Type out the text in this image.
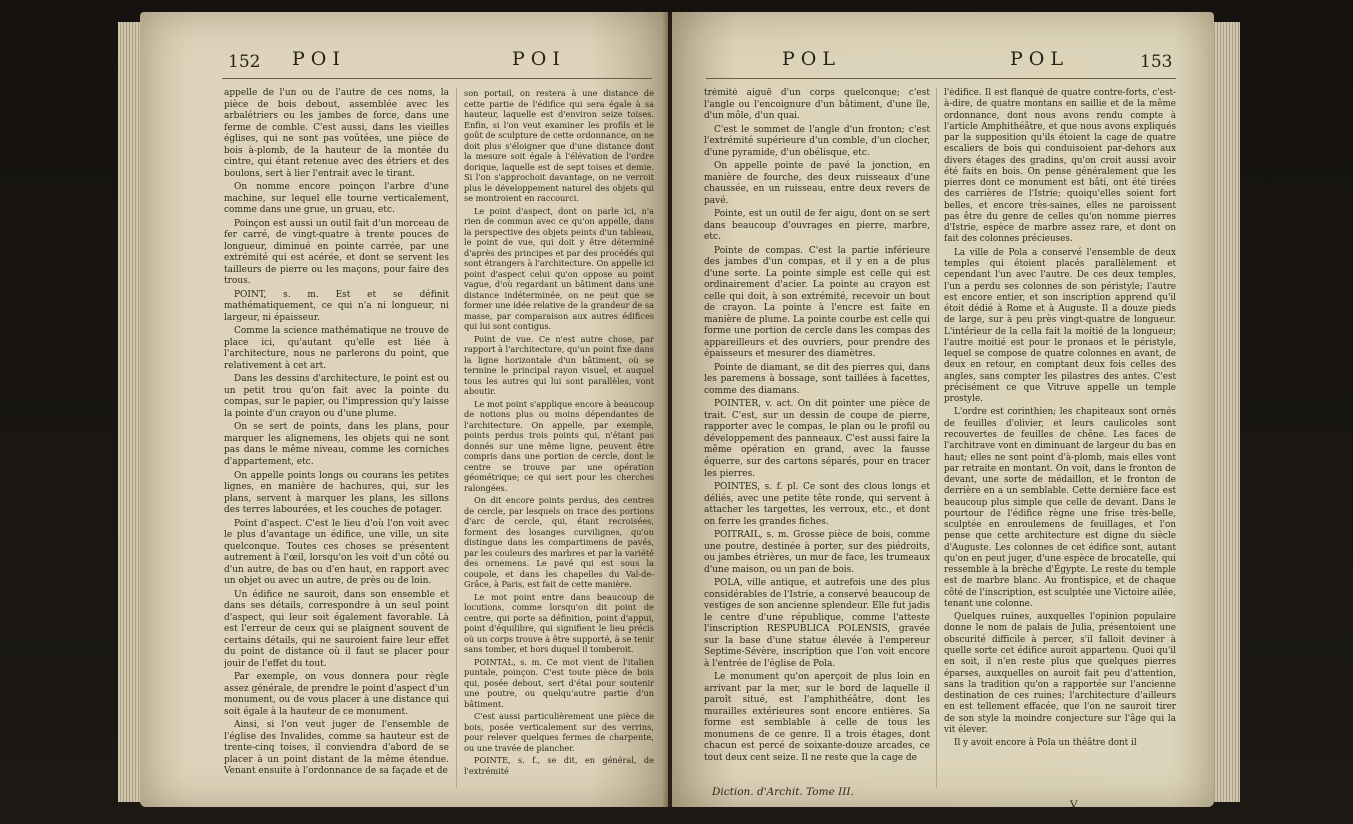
152 POI	POI

appelle de l'un ou de l'autre de ces noms, la pièce de bois debout, assemblée avec les arbalétriers ou les jambes de force, dans une ferme de comble. C'est aussi, dans les vieilles églises, qui ne sont pas voûtées, une pièce de bois à-plomb, de la hauteur de la montée du cintre, qui étant retenue avec des étriers et des boulons, sert à lier l'entrait avec le tirant.

On nomme encore poinçon l'arbre d'une machine, sur lequel elle tourne verticalement, comme dans une grue, un gruau, etc.

Poinçon est aussi un outil fait d'un morceau de fer carré, de vingt-quatre à trente pouces de longueur, diminué en pointe carrée, par une extrémité qui est acérée, et dont se servent les tailleurs de pierre ou les maçons, pour faire des trous.

POINT, s. m. Est et se définit mathématiquement, ce qui n'a ni longueur, ni largeur, ni épaisseur.

Comme la science mathématique ne trouve de place ici, qu'autant qu'elle est liée à l'architecture, nous ne parlerons du point, que relativement à cet art.

Dans les dessins d'architecture, le point est ou un petit trou qu'on fait avec la pointe du compas, sur le papier, ou l'impression qu'y laisse la pointe d'un crayon ou d'une plume.

On se sert de points, dans les plans, pour marquer les alignemens, les objets qui ne sont pas dans le même niveau, comme les corniches d'appartement, etc.

On appelle points longs ou courans les petites lignes, en manière de hachures, qui, sur les plans, servent à marquer les plans, les sillons des terres labourées, et les couches de potager.

Point d'aspect. C'est le lieu d'où l'on voit avec le plus d'avantage un édifice, une ville, un site quelconque. Toutes ces choses se présentent autrement à l'œil, lorsqu'on les voit d'un côté ou d'un autre, de bas ou d'en haut, en rapport avec un objet ou avec un autre, de près ou de loin.

Un édifice ne sauroit, dans son ensemble et dans ses détails, correspondre à un seul point d'aspect, qui leur soit également favorable. Là est l'erreur de ceux qui se plaignent souvent de certains détails, qui ne sauroient faire leur effet du point de distance où il faut se placer pour jouir de l'effet du tout.

Par exemple, on vous donnera pour règle assez générale, de prendre le point d'aspect d'un monument, ou de vous placer à une distance qui soit égale à la hauteur de ce monument.

Ainsi, si l'on veut juger de l'ensemble de l'église des Invalides, comme sa hauteur est de trente-cinq toises, il conviendra d'abord de se placer à un point distant de la même étendue. Venant ensuite à l'ordonnance de sa façade et de

son portail, on restera à une distance de cette partie de l'édifice qui sera égale à sa hauteur, laquelle est d'environ seize toises. Enfin, si l'on veut examiner les profils et le goût de sculpture de cette ordonnance, on ne doit plus s'éloigner que d'une distance dont la mesure soit égale à l'élévation de l'ordre dorique, laquelle est de sept toises et demie. Si l'on s'approchoit davantage, on ne verroit plus le développement naturel des objets qui se montroient en raccourci.

Le point d'aspect, dont on parle ici, n'a rien de commun avec ce qu'on appelle, dans la perspective des objets peints d'un tableau, le point de vue, qui doit y être déterminé d'après des principes et par des procédés qui sont étrangers à l'architecture. On appelle ici point d'aspect celui qu'on oppose au point vague, d'où regardant un bâtiment dans une distance indéterminée, on ne peut que se former une idée relative de la grandeur de sa masse, par comparaison aux autres édifices qui lui sont contigus.

Point de vue. Ce n'est autre chose, par rapport à l'architecture, qu'un point fixe dans la ligne horizontale d'un bâtiment, où se termine le principal rayon visuel, et auquel tous les autres qui lui sont parallèles, vont aboutir.

Le mot point s'applique encore à beaucoup de notions plus ou moins dépendantes de l'architecture. On appelle, par exemple, points perdus trois points qui, n'étant pas donnés sur une même ligne, peuvent être compris dans une portion de cercle, dont le centre se trouve par une opération géométrique; ce qui sert pour les cherches ralongées.

On dit encore points perdus, des centres de cercle, par lesquels on trace des portions d'arc de cercle, qui, étant recroisées, forment des losanges curvilignes, qu'on distingue dans les compartimens de pavés, par les couleurs des marbres et par la variété des ornemens. Le pavé qui est sous la coupole, et dans les chapelles du Val-de-Grâce, à Paris, est fait de cette manière.

Le mot point entre dans beaucoup de locutions, comme lorsqu'on dit point de centre, qui porte sa définition, point d'appui, point d'équilibre, qui signifient le lieu précis où un corps trouve à être supporté, à se tenir sans tomber, et hors duquel il tomberoit.

POINTAL, s. m. Ce mot vient de l'italien puntale, poinçon. C'est toute pièce de bois qui, posée debout, sert d'étai pour soutenir une poutre, ou quelqu'autre partie d'un bâtiment.

C'est aussi particulièrement une pièce de bois, posée verticalement sur des verrins, pour relever quelques fermes de charpente, ou une travée de plancher.

POINTE, s. f., se dit, en général, de l'extrémité

POL	POL	153

trémité aiguë d'un corps quelconque; c'est l'angle ou l'encoignure d'un bâtiment, d'une île, d'un môle, d'un quai.

C'est le sommet de l'angle d'un fronton; c'est l'extrémité supérieure d'un comble, d'un clocher, d'une pyramide, d'un obélisque, etc.

On appelle pointe de pavé la jonction, en manière de fourche, des deux ruisseaux d'une chaussée, en un ruisseau, entre deux revers de pavé.

Pointe, est un outil de fer aigu, dont on se sert dans beaucoup d'ouvrages en pierre, marbre, etc.

Pointe de compas. C'est la partie inférieure des jambes d'un compas, et il y en a de plus d'une sorte. La pointe simple est celle qui est ordinairement d'acier. La pointe au crayon est celle qui doit, à son extrémité, recevoir un bout de crayon. La pointe à l'encre est faite en manière de plume. La pointe courbe est celle qui forme une portion de cercle dans les compas des appareilleurs et des ouvriers, pour prendre des épaisseurs et mesurer des diamètres.

Pointe de diamant, se dit des pierres qui, dans les paremens à bossage, sont taillées à facettes, comme des diamans.

POINTER, v. act. On dit pointer une pièce de trait. C'est, sur un dessin de coupe de pierre, rapporter avec le compas, le plan ou le profil ou développement des panneaux. C'est aussi faire la même opération en grand, avec la fausse équerre, sur des cartons séparés, pour en tracer les pierres.

POINTES, s. f. pl. Ce sont des clous longs et déliés, avec une petite tête ronde, qui servent à attacher les targettes, les verroux, etc., et dont on ferre les grandes fiches.

POITRAIL, s. m. Grosse pièce de bois, comme une poutre, destinée à porter, sur des piédroits, ou jambes étrières, un mur de face, les trumeaux d'une maison, ou un pan de bois.

POLA, ville antique, et autrefois une des plus considérables de l'Istrie, a conservé beaucoup de vestiges de son ancienne splendeur. Elle fut jadis le centre d'une république, comme l'atteste l'inscription RESPUBLICA POLENSIS, gravée sur la base d'une statue élevée à l'empereur Septime-Sévère, inscription que l'on voit encore à l'entrée de l'église de Pola.

Le monument qu'on aperçoit de plus loin en arrivant par la mer, sur le bord de laquelle il paroît situé, est l'amphithéâtre, dont les murailles extérieures sont encore entières. Sa forme est semblable à celle de tous les monumens de ce genre. Il a trois étages, dont chacun est percé de soixante-douze arcades, ce tout deux cent seize. Il ne reste que la cage de

l'édifice. Il est flanqué de quatre contre-forts, c'est-à-dire, de quatre montans en saillie et de la même ordonnance, dont nous avons rendu compte à l'article Amphithéâtre, et que nous avons expliqués par la supposition qu'ils étoient la cage de quatre escaliers de bois qui conduisoient par-dehors aux divers étages des gradins, qu'on croit aussi avoir été faits en bois. On pense généralement que les pierres dont ce monument est bâti, ont été tirées des carrières de l'Istrie; quoiqu'elles soient fort belles, et encore très-saines, elles ne paroissent pas être du genre de celles qu'on nomme pierres d'Istrie, espèce de marbre assez rare, et dont on fait des colonnes précieuses.

La ville de Pola a conservé l'ensemble de deux temples qui étoient placés parallèlement et cependant l'un avec l'autre. De ces deux temples, l'un a perdu ses colonnes de son péristyle; l'autre est encore entier, et son inscription apprend qu'il étoit dédié à Rome et à Auguste. Il a douze pieds de large, sur à peu près vingt-quatre de longueur. L'intérieur de la cella fait la moitié de la longueur; l'autre moitié est pour le pronaos et le péristyle, lequel se compose de quatre colonnes en avant, de deux en retour, en comptant deux fois celles des angles, sans compter les pilastres des antes. C'est précisément ce que Vitruve appelle un temple prostyle.

L'ordre est corinthien; les chapiteaux sont ornés de feuilles d'olivier, et leurs caulicoles sont recouvertes de feuilles de chêne. Les faces de l'architrave vont en diminuant de largeur du bas en haut; elles ne sont point d'à-plomb, mais elles vont par retraite en montant. On voit, dans le fronton de devant, une sorte de médaillon, et le fronton de derrière en a un semblable. Cette dernière face est beaucoup plus simple que celle de devant. Dans le pourtour de l'édifice règne une frise très-belle, sculptée en enroulemens de feuillages, et l'on pense que cette architecture est digne du siècle d'Auguste. Les colonnes de cet édifice sont, autant qu'on en peut juger, d'une espèce de brocatelle, qui ressemble à la brèche d'Égypte. Le reste du temple est de marbre blanc. Au frontispice, et de chaque côté de l'inscription, est sculptée une Victoire ailée, tenant une colonne.

Quelques ruines, auxquelles l'opinion populaire donne le nom de palais de Julia, présentoient une obscurité difficile à percer, s'il falloit deviner à quelle sorte cet édifice auroit appartenu. Quoi qu'il en soit, il n'en reste plus que quelques pierres éparses, auxquelles on auroit fait peu d'attention, sans la tradition qu'on a rapportée sur l'ancienne destination de ces ruines; l'architecture d'ailleurs en est tellement effacée, que l'on ne sauroit tirer de son style la moindre conjecture sur l'âge qui la vit élever.

Il y avoit encore à Pola un théâtre dont il

Diction. d'Archit. Tome III.
V
